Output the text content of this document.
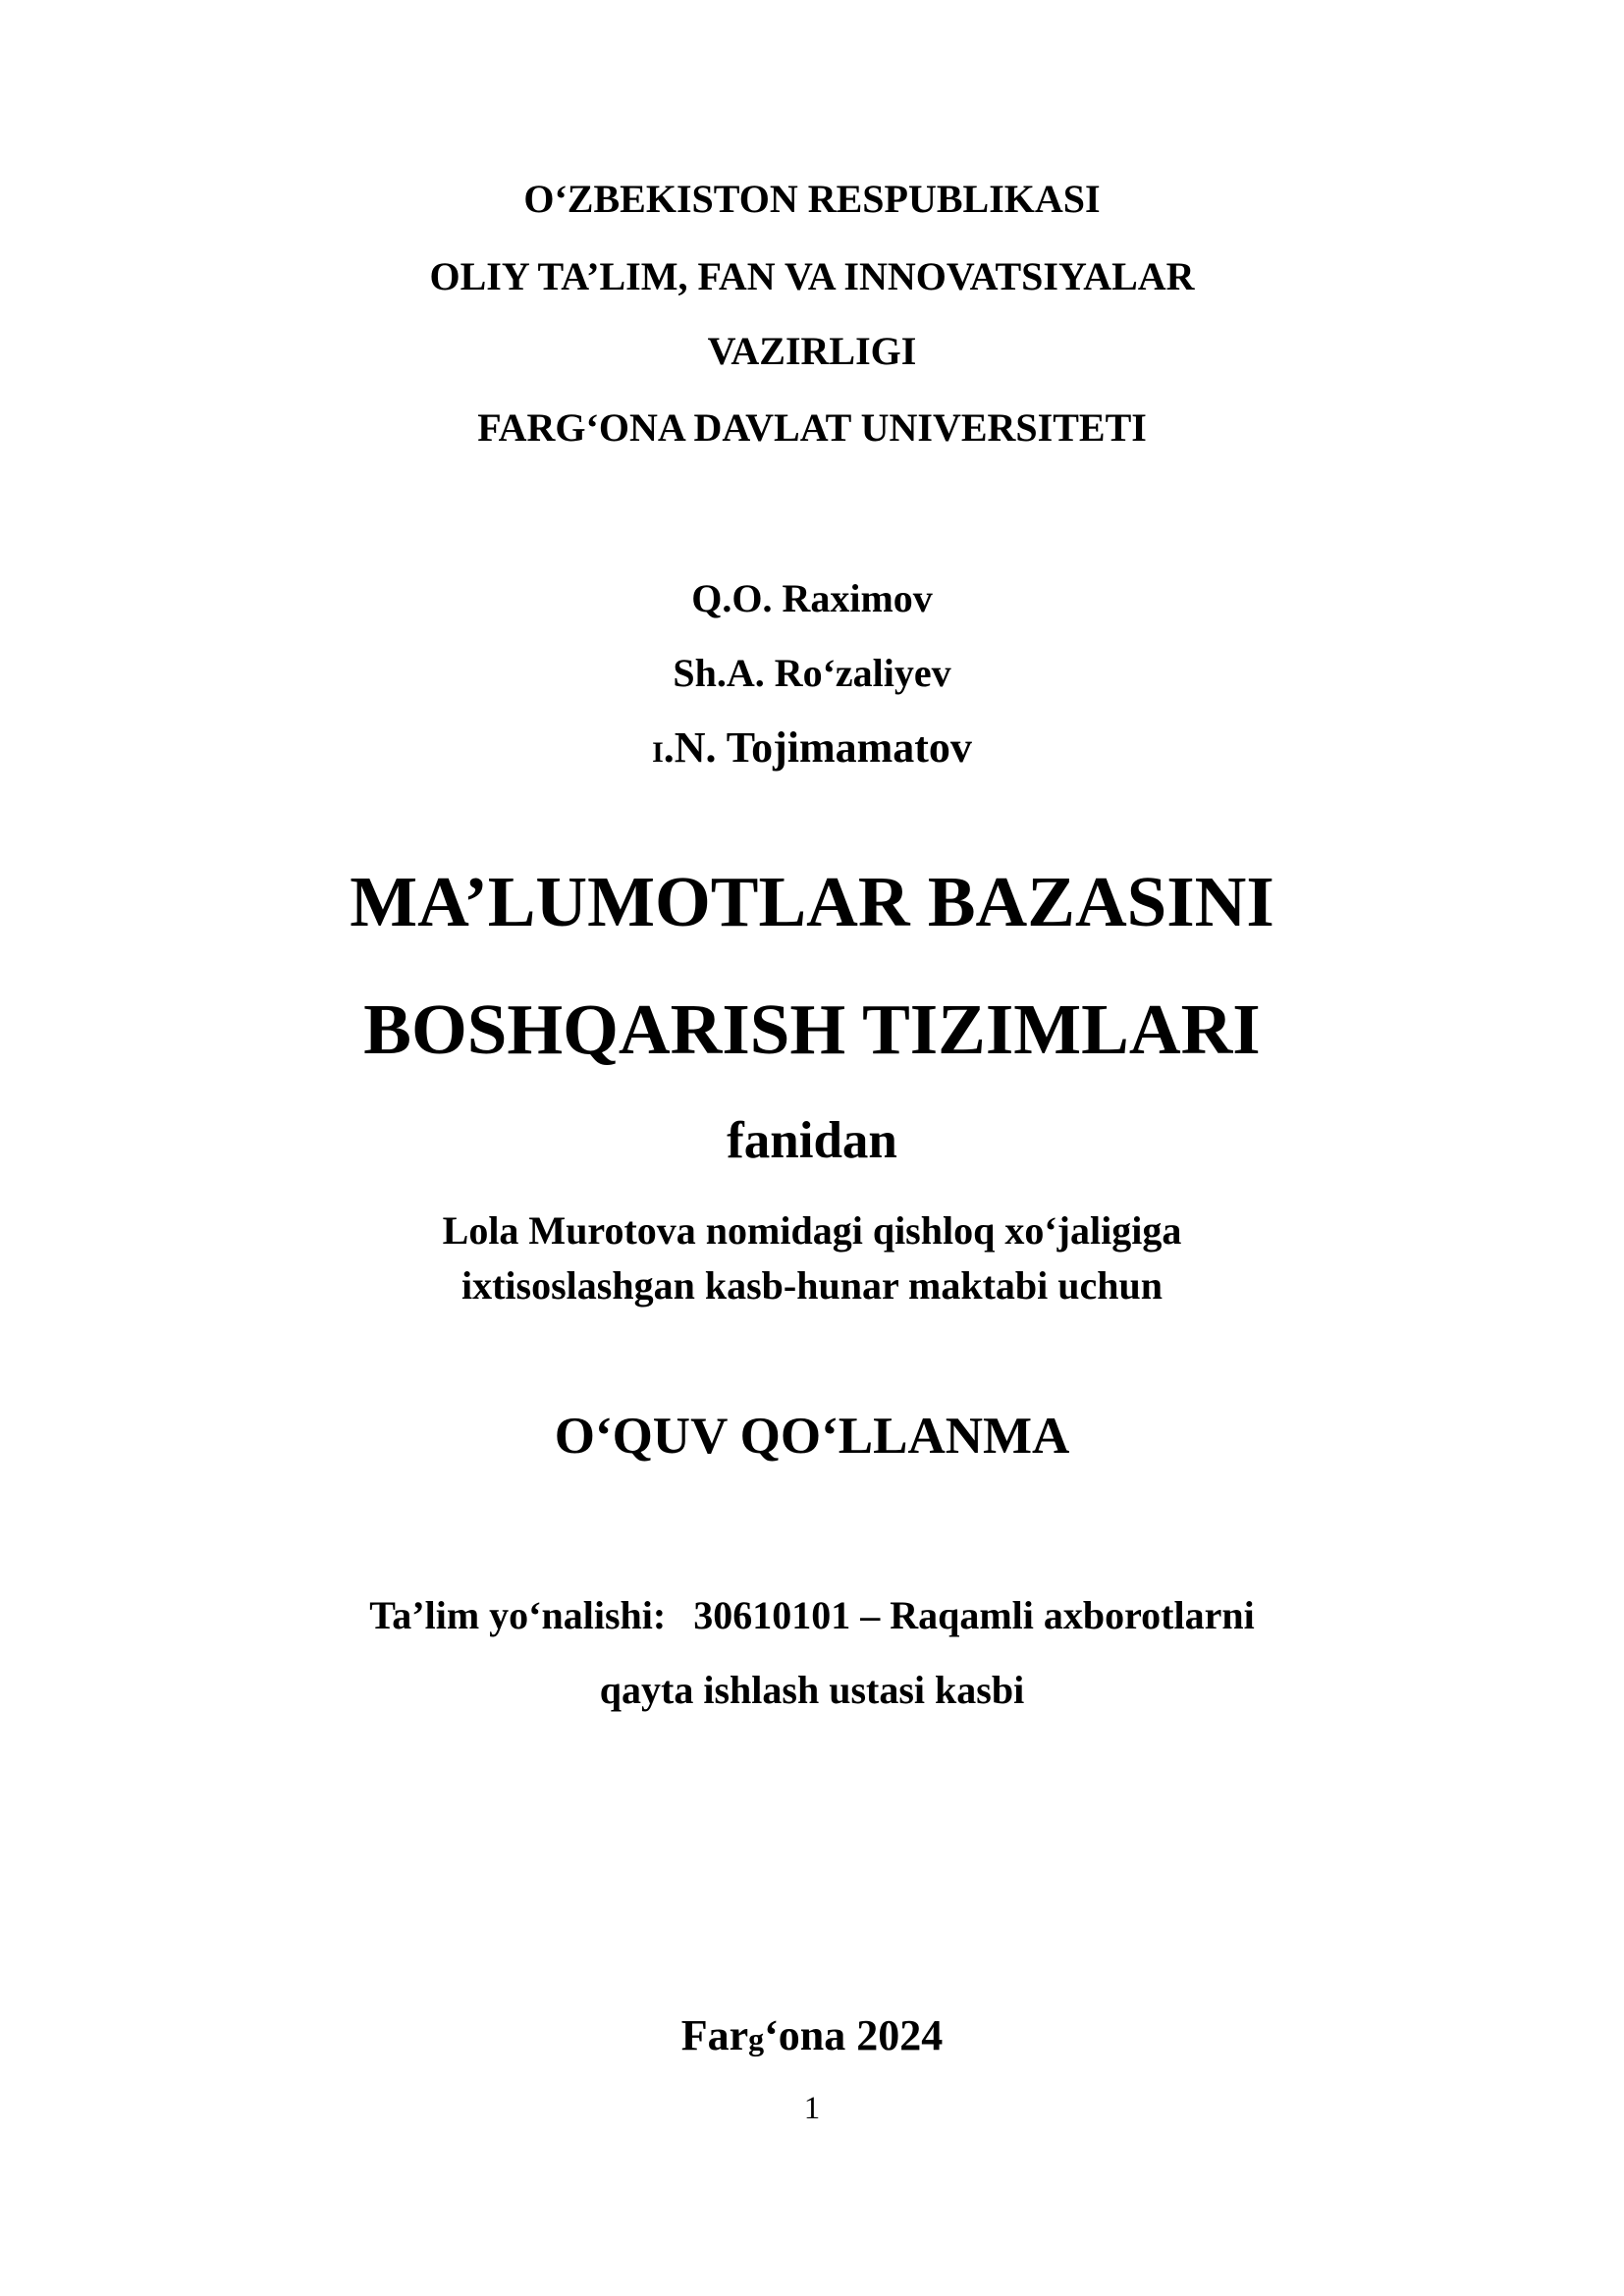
O‘ZBEKISTON RESPUBLIKASI
OLIY TA’LIM, FAN VA INNOVATSIYALAR
VAZIRLIGI
FARG‘ONA DAVLAT UNIVERSITETI
Q.O. Raximov
Sh.A. Ro‘zaliyev
I.N. Tojimamatov
MA’LUMOTLAR BAZASINI
BOSHQARISH TIZIMLARI
fanidan
Lola Murotova nomidagi qishloq xo‘jaligiga
ixtisoslashgan kasb-hunar maktabi uchun
O‘QUV QO‘LLANMA
Ta’lim yo‘nalishi: 30610101 – Raqamli axborotlarni
qayta ishlash ustasi kasbi
Farg‘ona 2024
1
